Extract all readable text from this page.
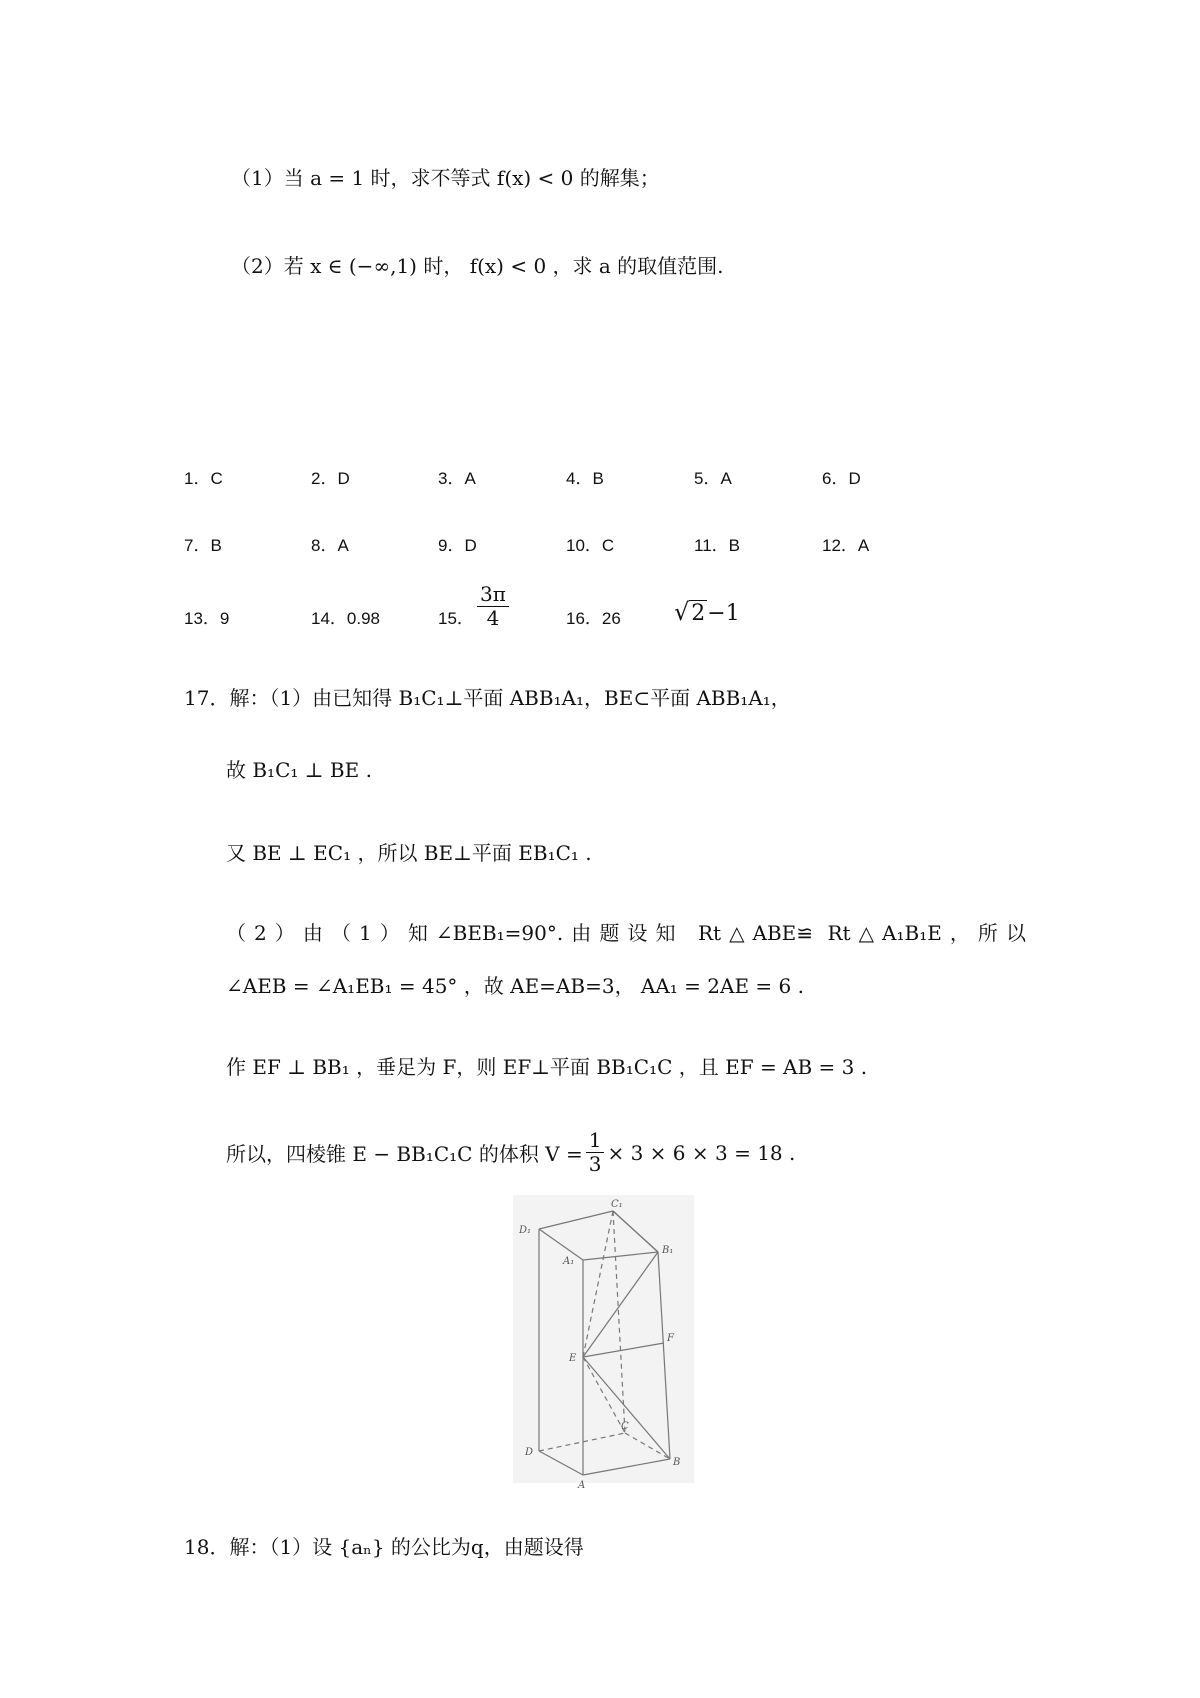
（1）当 a = 1 时，求不等式 f(x) < 0 的解集；
（2）若 x ∈ (−∞,1) 时， f(x) < 0 ，求 a 的取值范围.
1．C	2．D	3．A	4．B	5．A	6．D
7．B	8．A	9．D	10．C	11．B	12．A
13．9	14．0.98	15． $\frac{3\pi}{4}$	16．26 √2−1
17．解：（1）由已知得 B₁C₁⊥平面 ABB₁A₁，BE⊂平面 ABB₁A₁，
故 B₁C₁ ⊥ BE .
又 BE ⊥ EC₁ ，所以 BE⊥平面 EB₁C₁ .
（2）由（1）知∠BEB₁=90°.由题设知 Rt△ABE≌ Rt△A₁B₁E，所以
∠AEB = ∠A₁EB₁ = 45° ，故 AE=AB=3， AA₁ = 2AE = 6 .
作 EF ⊥ BB₁ ，垂足为 F，则 EF⊥平面 BB₁C₁C ，且 EF = AB = 3 .
所以，四棱锥 E − BB₁C₁C 的体积 $V = \frac{1}{3} \times 3 \times 6 \times 3 = 18$ .
D₁
C₁
B₁
A₁
E
F
D
C
B
A
18．解：（1）设 {aₙ} 的公比为q，由题设得
